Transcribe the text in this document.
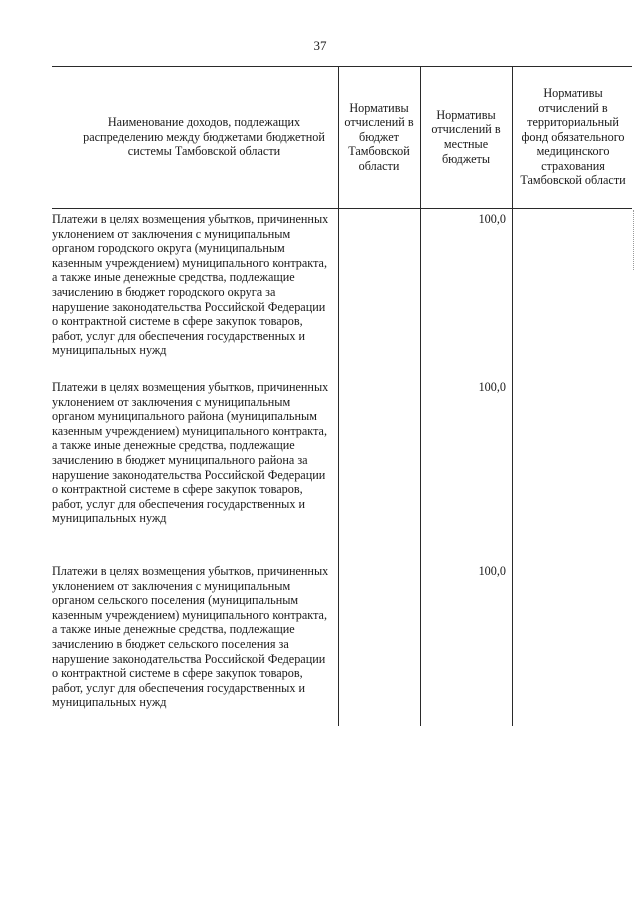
37
Наименование доходов, подлежащих распределению между бюджетами бюджетной системы Тамбовской области
Нормативы отчислений в бюджет Тамбовской области
Нормативы отчислений в местные бюджеты
Нормативы отчислений в территориальный фонд обязательного медицинского страхования Тамбовской области
Платежи в целях возмещения убытков, причиненных уклонением от заключения с муниципальным органом городского округа (муниципальным казенным учреждением) муниципального контракта, а также иные денежные средства, подлежащие зачислению в бюджет городского округа за нарушение законодательства Российской Федерации о контрактной системе в сфере закупок товаров, работ, услуг для обеспечения государственных и муниципальных нужд
100,0
Платежи в целях возмещения убытков, причиненных уклонением от заключения с муниципальным органом муниципального района (муниципальным казенным учреждением) муниципального контракта, а также иные денежные средства, подлежащие зачислению в бюджет муниципального района за нарушение законодательства Российской Федерации о контрактной системе в сфере закупок товаров, работ, услуг для обеспечения государственных и муниципальных нужд
100,0
Платежи в целях возмещения убытков, причиненных уклонением от заключения с муниципальным органом сельского поселения (муниципальным казенным учреждением) муниципального контракта, а также иные денежные средства, подлежащие зачислению в бюджет сельского поселения за нарушение законодательства Российской Федерации о контрактной системе в сфере закупок товаров, работ, услуг для обеспечения государственных и муниципальных нужд
100,0
